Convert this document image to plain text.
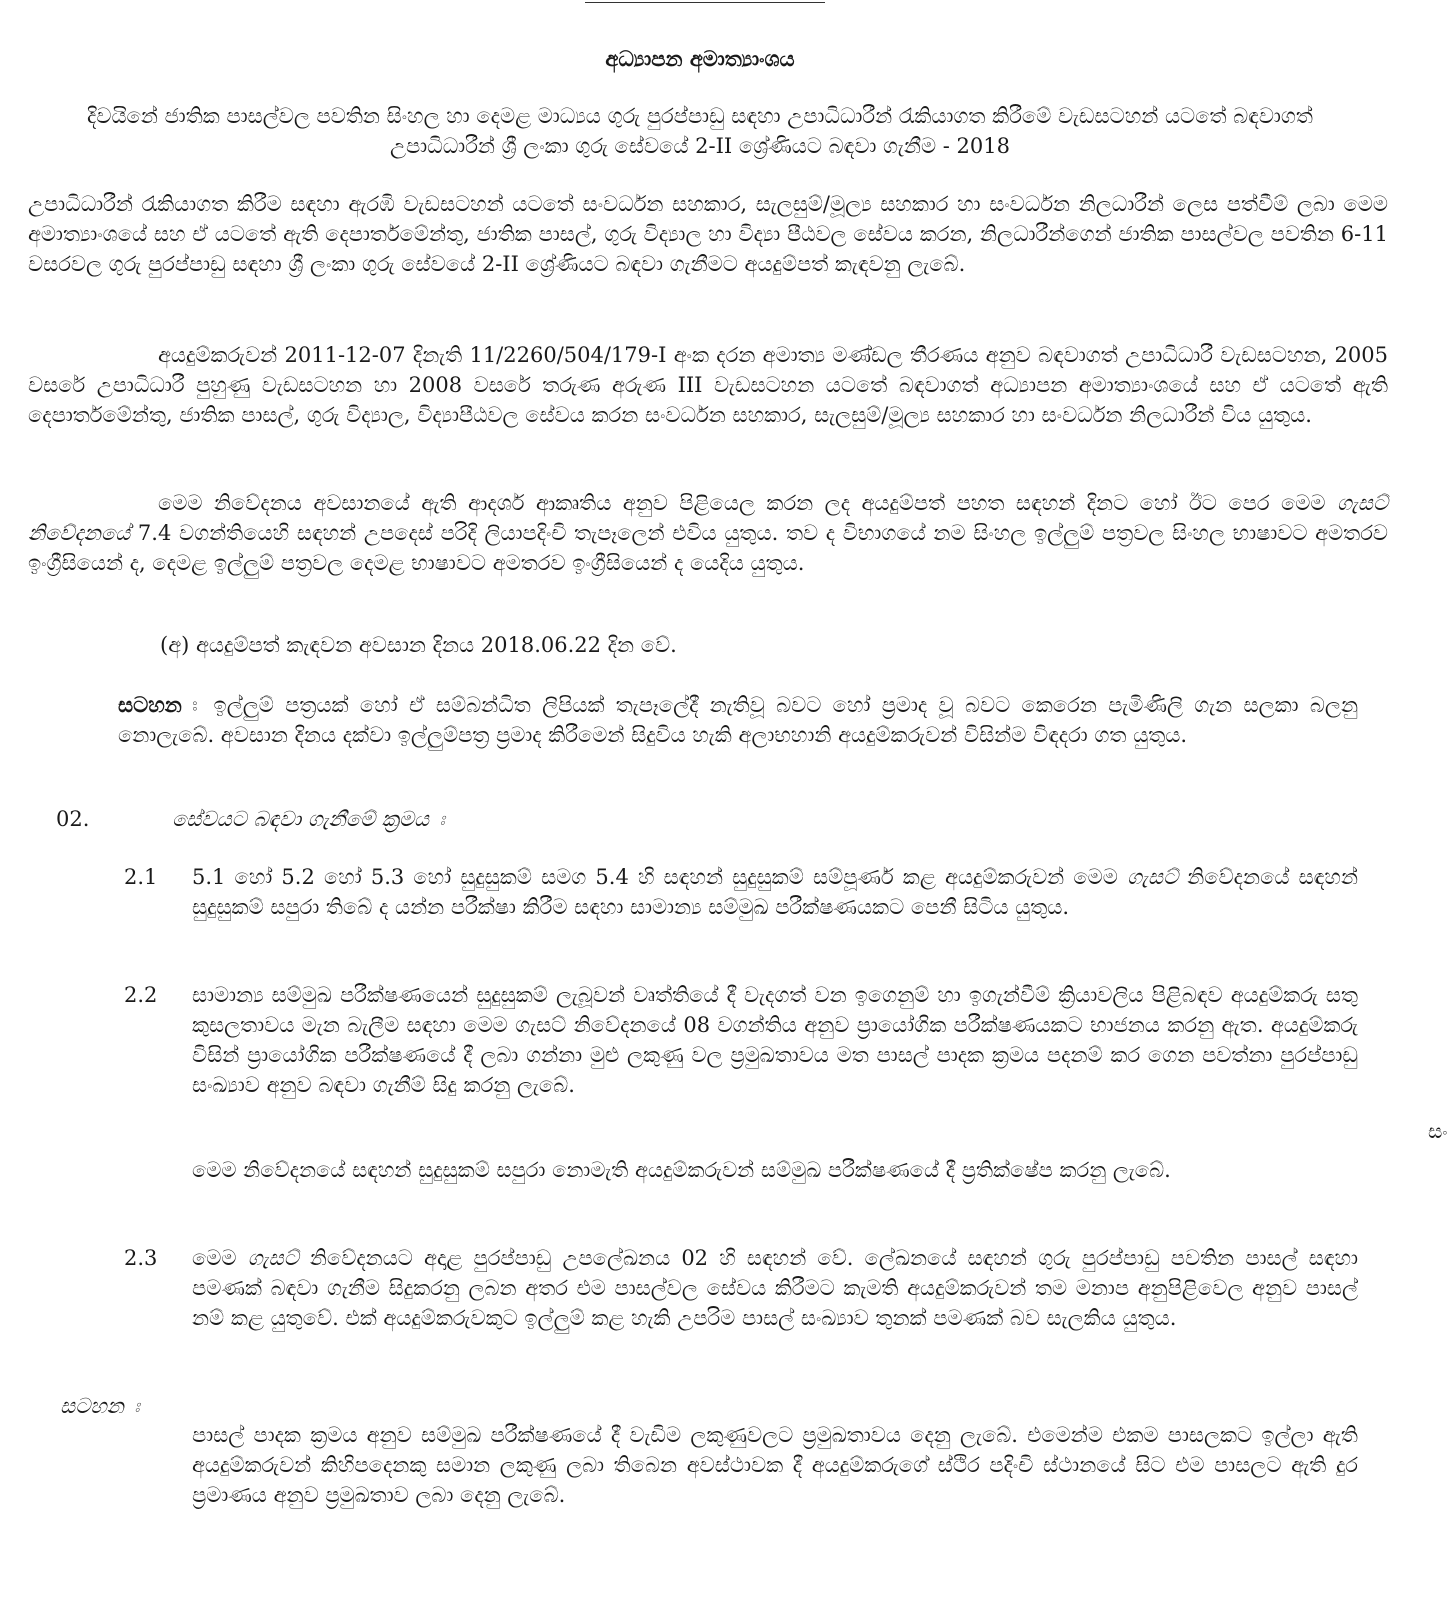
අධ්‍යාපන අමාත්‍යාංශය
දිවයිනේ ජාතික පාසල්වල පවතින සිංහල හා දෙමළ මාධ්‍යය ගුරු පුරප්පාඩු සඳහා උපාධිධාරීන් රැකියාගත කිරීමේ වැඩසටහන් යටතේ බඳවාගත් උපාධිධාරීන් ශ්‍රී ලංකා ගුරු සේවයේ 2-II ශ්‍රේණියට බඳවා ගැනීම - 2018
උපාධිධාරීන් රැකියාගත කිරීම සඳහා ඇරඹි වැඩසටහන් යටතේ සංවර්ධන සහකාර, සැලසුම්/මූල්‍ය සහකාර හා සංවර්ධන නිලධාරීන් ලෙස පත්වීම් ලබා මෙම අමාත්‍යාංශයේ සහ ඒ යටතේ ඇති දෙපාර්තමේන්තු, ජාතික පාසල්, ගුරු විද්‍යාල හා විද්‍යා පීඨවල සේවය කරන, නිලධාරීන්ගෙන් ජාතික පාසල්වල පවතින 6-11 වසරවල ගුරු පුරප්පාඩු සඳහා ශ්‍රී ලංකා ගුරු සේවයේ 2-II ශ්‍රේණියට බඳවා ගැනීමට අයදුම්පත් කැඳවනු ලැබේ.
අයදුම්කරුවන් 2011-12-07 දිනැති 11/2260/504/179-I අංක දරන අමාත්‍ය මණ්ඩල තීරණය අනුව බඳවාගත් උපාධිධාරී වැඩසටහන, 2005 වසරේ උපාධිධාරී පුහුණු වැඩසටහන හා 2008 වසරේ තරුණ අරුණ III වැඩසටහන යටතේ බඳවාගත් අධ්‍යාපන අමාත්‍යාංශයේ සහ ඒ යටතේ ඇති දෙපාර්තමේන්තු, ජාතික පාසල්, ගුරු විද්‍යාල, විද්‍යාපීඨවල සේවය කරන සංවර්ධන සහකාර, සැලසුම්/මූල්‍ය සහකාර හා සංවර්ධන නිලධාරීන් විය යුතුය.
මෙම නිවේදනය අවසානයේ ඇති ආදර්ශ ආකෘතිය අනුව පිළියෙල කරන ලද අයදුම්පත් පහත සඳහන් දිනට හෝ ඊට පෙර මෙම ගැසට් නිවේදනයේ 7.4 වගන්තියෙහි සඳහන් උපදෙස් පරිදි ලියාපදිංචි තැපෑලෙන් එවිය යුතුය. තව ද විභාගයේ නම සිංහල ඉල්ලුම් පත්‍රවල සිංහල භාෂාවට අමතරව ඉංග්‍රීසියෙන් ද, දෙමළ ඉල්ලුම් පත්‍රවල දෙමළ භාෂාවට අමතරව ඉංග්‍රීසියෙන් ද යෙදිය යුතුය.
(අ) අයදුම්පත් කැඳවන අවසාන දිනය 2018.06.22 දින වේ.
සටහන ඃ ඉල්ලුම් පත්‍රයක් හෝ ඒ සම්බන්ධිත ලිපියක් තැපෑලේදී නැතිවූ බවට හෝ ප්‍රමාද වූ බවට කෙරෙන පැමිණිලි ගැන සලකා බලනු නොලැබේ. අවසාන දිනය දක්වා ඉල්ලුම්පත්‍ර ප්‍රමාද කිරීමෙන් සිදුවිය හැකි අලාභහානි අයදුම්කරුවන් විසින්ම විඳදරා ගත යුතුය.
02.	සේවයට බඳවා ගැනීමේ ක්‍රමය ඃ
2.1 5.1 හෝ 5.2 හෝ 5.3 හෝ සුදුසුකම් සමග 5.4 හි සඳහන් සුදුසුකම් සම්පූර්ණ කළ අයදුම්කරුවන් මෙම ගැසට් නිවේදනයේ සඳහන් සුදුසුකම් සපුරා තිබේ ද යන්න පරීක්ෂා කිරීම සඳහා සාමාන්‍ය සම්මුඛ පරීක්ෂණයකට පෙනී සිටිය යුතුය.
2.2 සාමාන්‍ය සම්මුඛ පරීක්ෂණයෙන් සුදුසුකම් ලැබූවන් වෘත්තියේ දී වැදගත් වන ඉගෙනුම් හා ඉගැන්වීම් ක්‍රියාවලිය පිළිබඳව අයදුම්කරු සතු කුසලතාවය මැන බැලීම සඳහා මෙම ගැසට් නිවේදනයේ 08 වගන්තිය අනුව ප්‍රායෝගික පරීක්ෂණයකට භාජනය කරනු ඇත. අයදුම්කරු විසින් ප්‍රායෝගික පරීක්ෂණයේ දී ලබා ගන්නා මුළු ලකුණු වල ප්‍රමුඛතාවය මත පාසල් පාදක ක්‍රමය පදනම් කර ගෙන පවත්නා පුරප්පාඩු සංඛ්‍යාව අනුව බඳවා ගැනීම් සිදු කරනු ලැබේ.
මෙම නිවේදනයේ සඳහන් සුදුසුකම් සපුරා නොමැති අයදුම්කරුවන් සම්මුඛ පරීක්ෂණයේ දී ප්‍රතික්ෂේප කරනු ලැබේ.
2.3 මෙම ගැසට් නිවේදනයට අදාළ පුරප්පාඩු උපලේඛනය 02 හි සඳහන් වේ. ලේඛනයේ සඳහන් ගුරු පුරප්පාඩු පවතින පාසල් සඳහා පමණක් බඳවා ගැනීම සිදුකරනු ලබන අතර එම පාසල්වල සේවය කිරීමට කැමති අයදුම්කරුවන් තම මනාප අනුපිළිවෙල අනුව පාසල් නම් කළ යුතුවේ. එක් අයදුම්කරුවකුට ඉල්ලුම් කළ හැකි උපරිම පාසල් සංඛ්‍යාව තුනක් පමණක් බව සැලකිය යුතුය.
සටහන ඃ
පාසල් පාදක ක්‍රමය අනුව සම්මුඛ පරීක්ෂණයේ දී වැඩිම ලකුණුවලට ප්‍රමුඛතාවය දෙනු ලැබේ. එමෙන්ම එකම පාසලකට ඉල්ලා ඇති අයදුම්කරුවන් කිහිපදෙනකු සමාන ලකුණු ලබා තිබෙන අවස්ථාවක දී අයදුම්කරුගේ ස්ථිර පදිංචි ස්ථානයේ සිට එම පාසලට ඇති දුර ප්‍රමාණය අනුව ප්‍රමුඛතාව ලබා දෙනු ලැබේ.
සං
